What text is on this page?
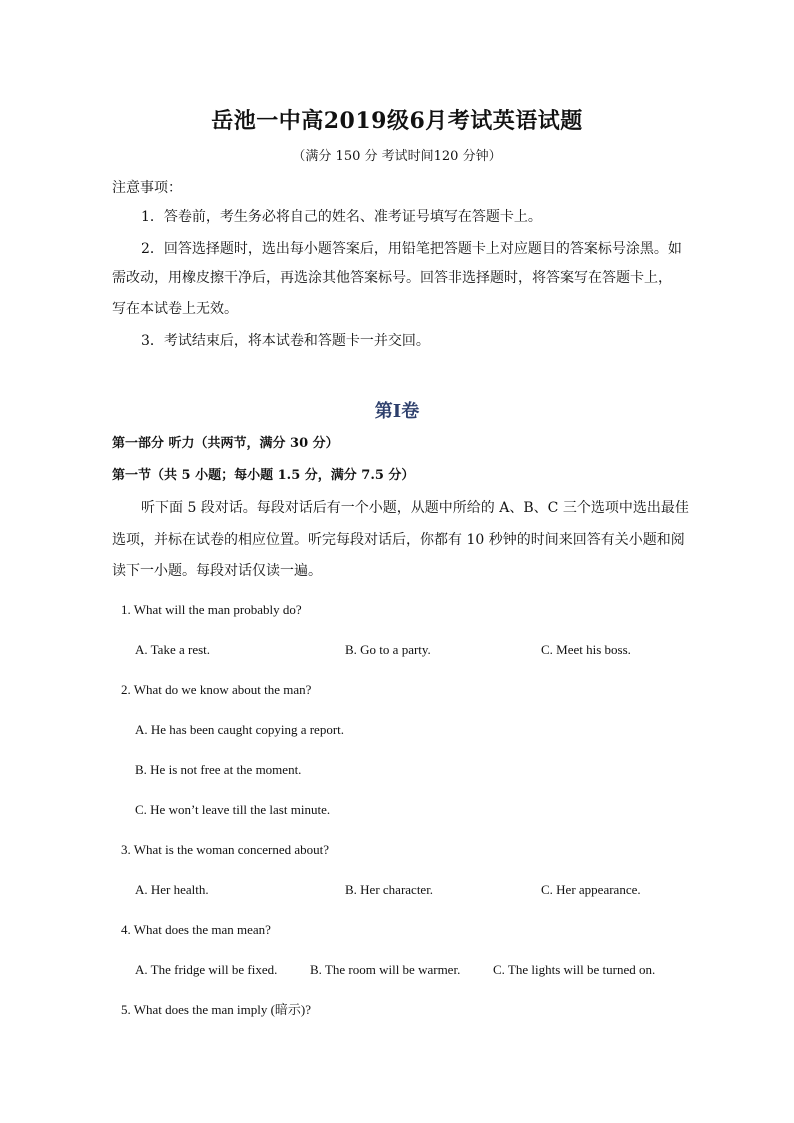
岳池一中高2019级6月考试英语试题
（满分 150 分 考试时间120 分钟）
注意事项：
1．答卷前，考生务必将自己的姓名、准考证号填写在答题卡上。
2．回答选择题时，选出每小题答案后，用铅笔把答题卡上对应题目的答案标号涂黑。如
需改动，用橡皮擦干净后，再选涂其他答案标号。回答非选择题时，将答案写在答题卡上，
写在本试卷上无效。
3．考试结束后，将本试卷和答题卡一并交回。
第Ⅰ卷
第一部分 听力（共两节，满分 30 分）
第一节（共 5 小题；每小题 1.5 分，满分 7.5 分）
听下面 5 段对话。每段对话后有一个小题，从题中所给的 A、B、C 三个选项中选出最佳
选项，并标在试卷的相应位置。听完每段对话后，你都有 10 秒钟的时间来回答有关小题和阅
读下一小题。每段对话仅读一遍。
1. What will the man probably do?
A. Take a rest.	B. Go to a party.	C. Meet his boss.
2. What do we know about the man?
A. He has been caught copying a report.
B. He is not free at the moment.
C. He won’t leave till the last minute.
3. What is the woman concerned about?
A. Her health.	B. Her character.	C. Her appearance.
4. What does the man mean?
A. The fridge will be fixed.	B. The room will be warmer.	C. The lights will be turned on.
5. What does the man imply (暗示)?
